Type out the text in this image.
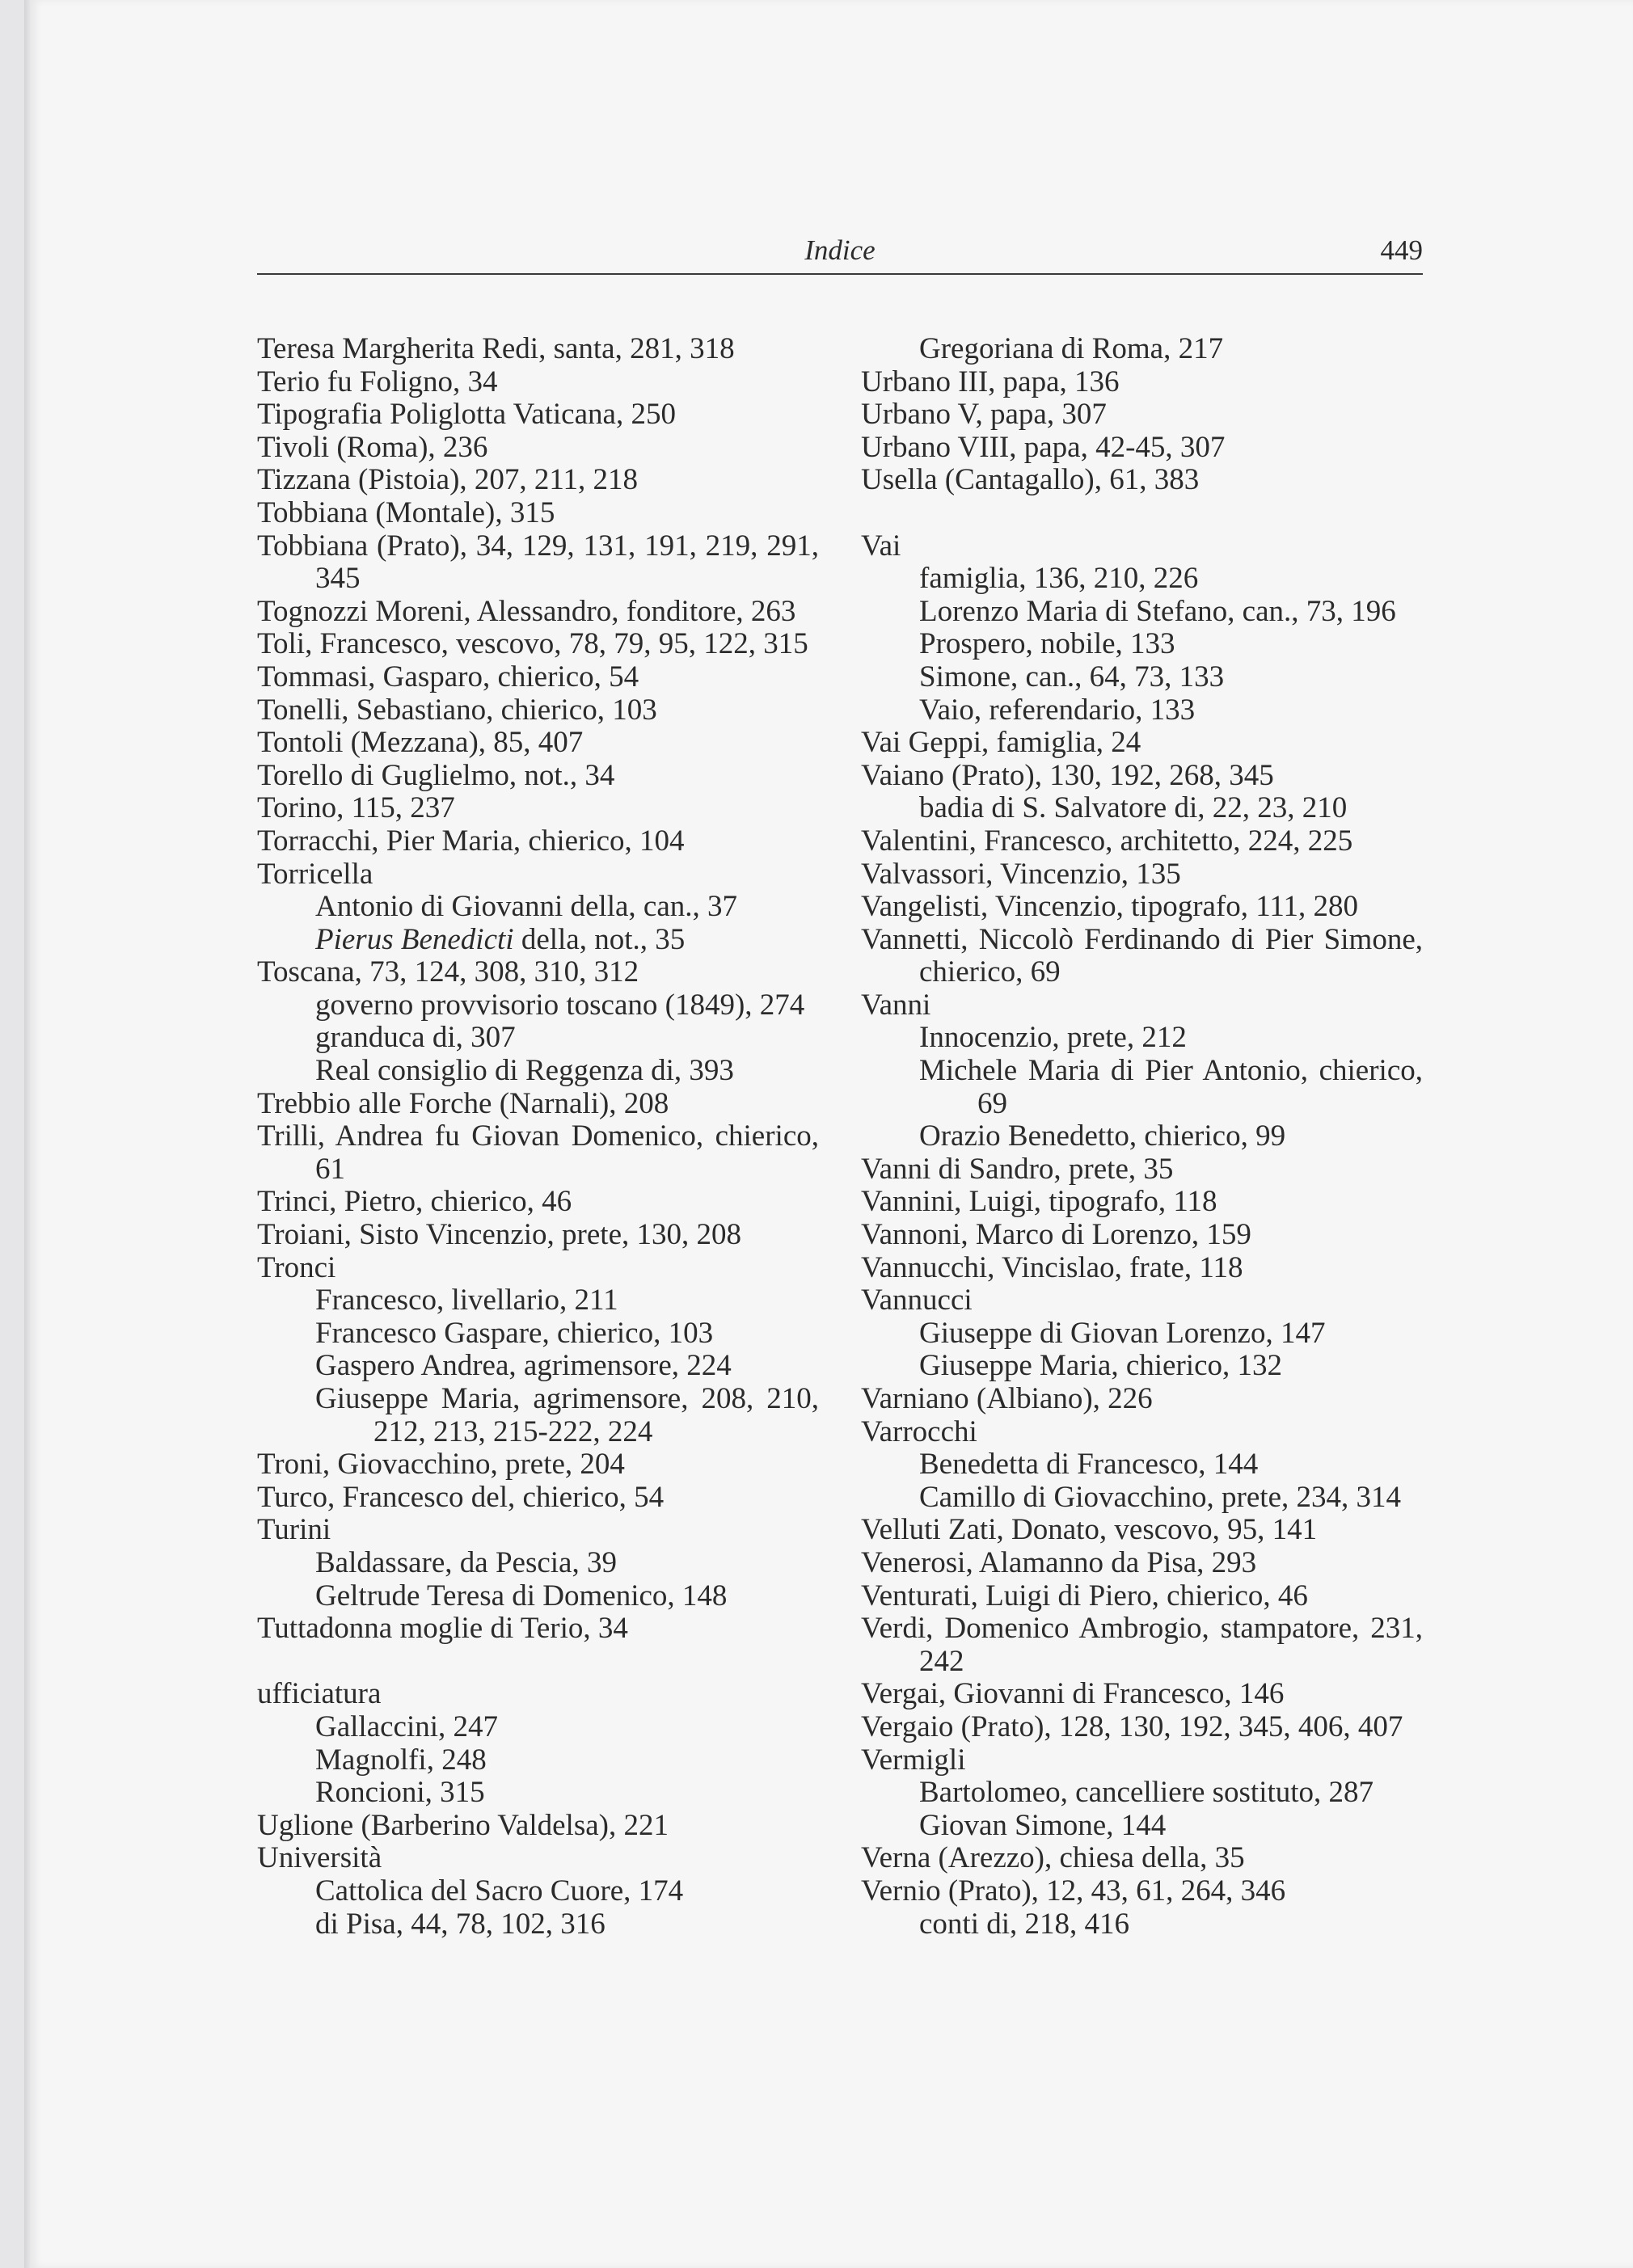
Indice	449

Teresa Margherita Redi, santa, 281, 318

Terio fu Foligno, 34

Tipografia Poliglotta Vaticana, 250

Tivoli (Roma), 236

Tizzana (Pistoia), 207, 211, 218

Tobbiana (Montale), 315

Tobbiana (Prato), 34, 129, 131, 191, 219, 291, 345

Tognozzi Moreni, Alessandro, fonditore, 263

Toli, Francesco, vescovo, 78, 79, 95, 122, 315

Tommasi, Gasparo, chierico, 54

Tonelli, Sebastiano, chierico, 103

Tontoli (Mezzana), 85, 407

Torello di Guglielmo, not., 34

Torino, 115, 237

Torracchi, Pier Maria, chierico, 104

Torricella

Antonio di Giovanni della, can., 37

Pierus Benedicti della, not., 35

Toscana, 73, 124, 308, 310, 312

governo provvisorio toscano (1849), 274

granduca di, 307

Real consiglio di Reggenza di, 393

Trebbio alle Forche (Narnali), 208

Trilli, Andrea fu Giovan Domenico, chierico, 61

Trinci, Pietro, chierico, 46

Troiani, Sisto Vincenzio, prete, 130, 208

Tronci

Francesco, livellario, 211

Francesco Gaspare, chierico, 103

Gaspero Andrea, agrimensore, 224

Giuseppe Maria, agrimensore, 208, 210, 212, 213, 215-222, 224

Troni, Giovacchino, prete, 204

Turco, Francesco del, chierico, 54

Turini

Baldassare, da Pescia, 39

Geltrude Teresa di Domenico, 148

Tuttadonna moglie di Terio, 34

ufficiatura

Gallaccini, 247

Magnolfi, 248

Roncioni, 315

Uglione (Barberino Valdelsa), 221

Università

Cattolica del Sacro Cuore, 174

di Pisa, 44, 78, 102, 316

Gregoriana di Roma, 217

Urbano III, papa, 136

Urbano V, papa, 307

Urbano VIII, papa, 42-45, 307

Usella (Cantagallo), 61, 383

Vai

famiglia, 136, 210, 226

Lorenzo Maria di Stefano, can., 73, 196

Prospero, nobile, 133

Simone, can., 64, 73, 133

Vaio, referendario, 133

Vai Geppi, famiglia, 24

Vaiano (Prato), 130, 192, 268, 345

badia di S. Salvatore di, 22, 23, 210

Valentini, Francesco, architetto, 224, 225

Valvassori, Vincenzio, 135

Vangelisti, Vincenzio, tipografo, 111, 280

Vannetti, Niccolò Ferdinando di Pier Simone, chierico, 69

Vanni

Innocenzio, prete, 212

Michele Maria di Pier Antonio, chierico, 69

Orazio Benedetto, chierico, 99

Vanni di Sandro, prete, 35

Vannini, Luigi, tipografo, 118

Vannoni, Marco di Lorenzo, 159

Vannucchi, Vincislao, frate, 118

Vannucci

Giuseppe di Giovan Lorenzo, 147

Giuseppe Maria, chierico, 132

Varniano (Albiano), 226

Varrocchi

Benedetta di Francesco, 144

Camillo di Giovacchino, prete, 234, 314

Velluti Zati, Donato, vescovo, 95, 141

Venerosi, Alamanno da Pisa, 293

Venturati, Luigi di Piero, chierico, 46

Verdi, Domenico Ambrogio, stampatore, 231, 242

Vergai, Giovanni di Francesco, 146

Vergaio (Prato), 128, 130, 192, 345, 406, 407

Vermigli

Bartolomeo, cancelliere sostituto, 287

Giovan Simone, 144

Verna (Arezzo), chiesa della, 35

Vernio (Prato), 12, 43, 61, 264, 346

conti di, 218, 416
